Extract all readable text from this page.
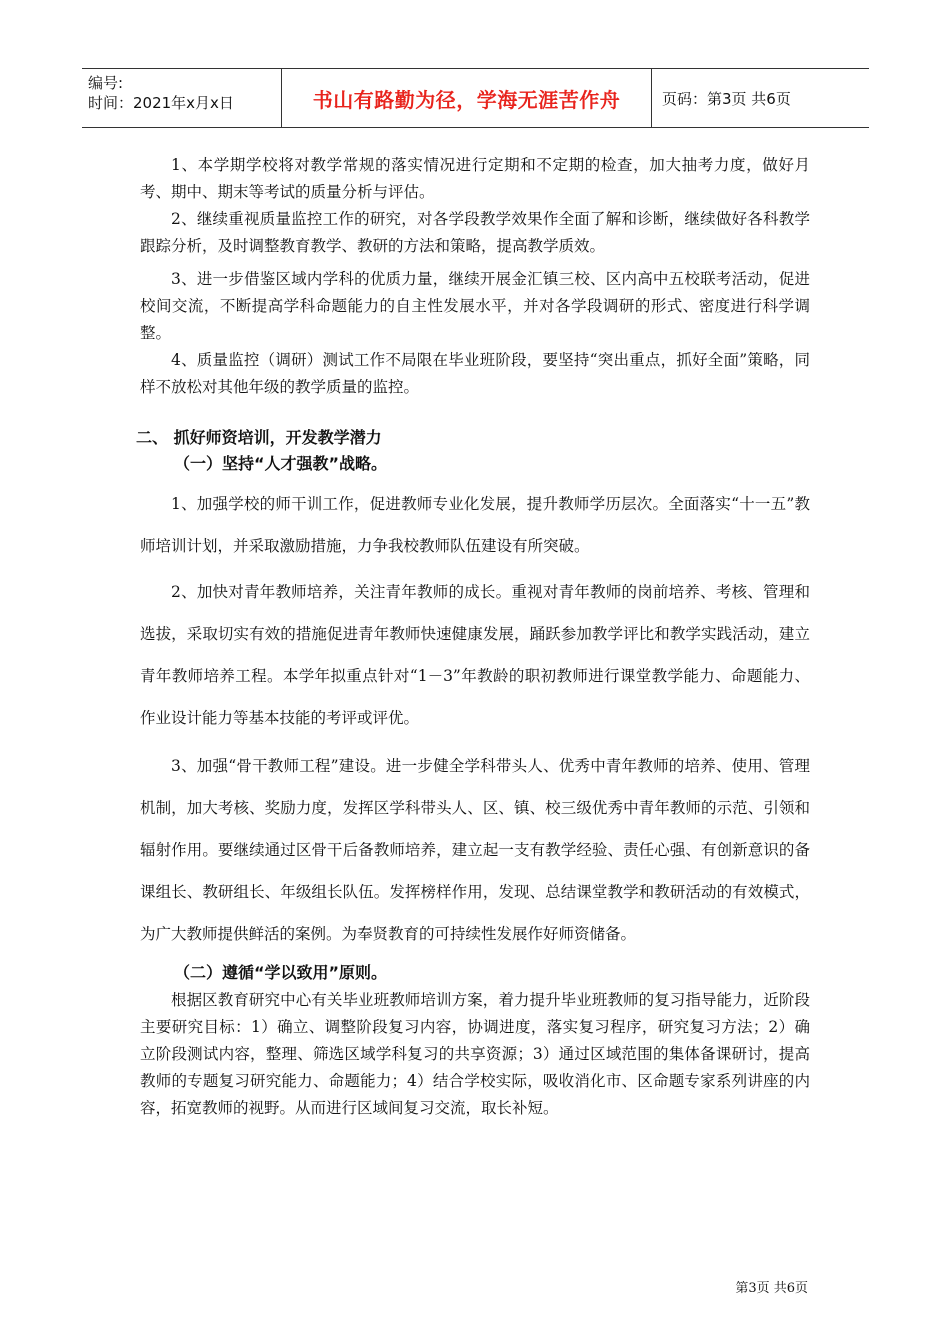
编号:
时间：2021年x月x日	书山有路勤为径，学海无涯苦作舟	页码：第3页 共6页

1、本学期学校将对教学常规的落实情况进行定期和不定期的检查，加大抽考力度，做好月考、期中、期末等考试的质量分析与评估。

2、继续重视质量监控工作的研究，对各学段教学效果作全面了解和诊断，继续做好各科教学跟踪分析，及时调整教育教学、教研的方法和策略，提高教学质效。

3、进一步借鉴区域内学科的优质力量，继续开展金汇镇三校、区内高中五校联考活动，促进校间交流，不断提高学科命题能力的自主性发展水平，并对各学段调研的形式、密度进行科学调整。

4、质量监控（调研）测试工作不局限在毕业班阶段，要坚持“突出重点，抓好全面”策略，同样不放松对其他年级的教学质量的监控。

二、 抓好师资培训，开发教学潜力

（一）坚持“人才强教”战略。

1、加强学校的师干训工作，促进教师专业化发展，提升教师学历层次。全面落实“十一五”教师培训计划，并采取激励措施，力争我校教师队伍建设有所突破。

2、加快对青年教师培养，关注青年教师的成长。重视对青年教师的岗前培养、考核、管理和选拔，采取切实有效的措施促进青年教师快速健康发展，踊跃参加教学评比和教学实践活动，建立青年教师培养工程。本学年拟重点针对“1－3”年教龄的职初教师进行课堂教学能力、命题能力、作业设计能力等基本技能的考评或评优。

3、加强“骨干教师工程”建设。进一步健全学科带头人、优秀中青年教师的培养、使用、管理机制，加大考核、奖励力度，发挥区学科带头人、区、镇、校三级优秀中青年教师的示范、引领和辐射作用。要继续通过区骨干后备教师培养，建立起一支有教学经验、责任心强、有创新意识的备课组长、教研组长、年级组长队伍。发挥榜样作用，发现、总结课堂教学和教研活动的有效模式，为广大教师提供鲜活的案例。为奉贤教育的可持续性发展作好师资储备。

（二）遵循“学以致用”原则。

根据区教育研究中心有关毕业班教师培训方案，着力提升毕业班教师的复习指导能力，近阶段主要研究目标：1）确立、调整阶段复习内容，协调进度，落实复习程序，研究复习方法；2）确立阶段测试内容，整理、筛选区域学科复习的共享资源；3）通过区域范围的集体备课研讨，提高教师的专题复习研究能力、命题能力；4）结合学校实际，吸收消化市、区命题专家系列讲座的内容，拓宽教师的视野。从而进行区域间复习交流，取长补短。

第3页 共6页
